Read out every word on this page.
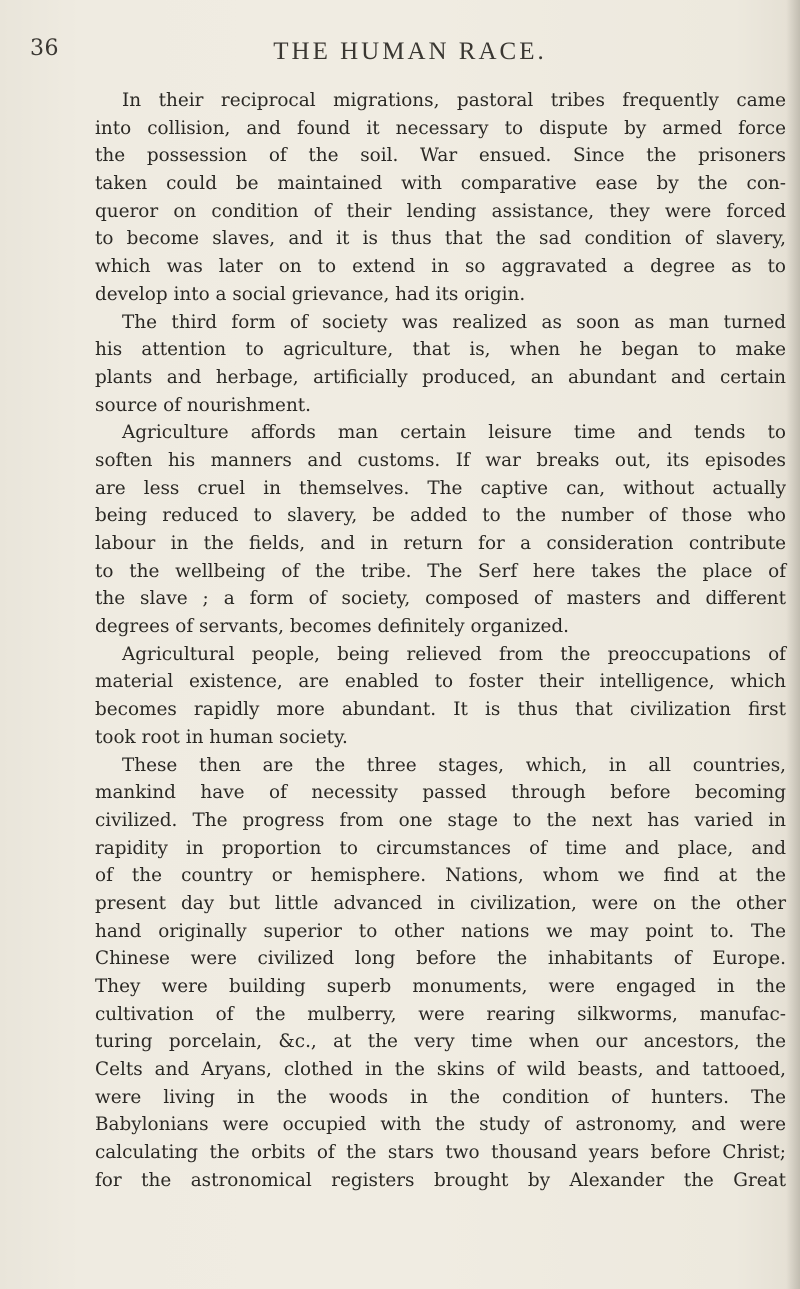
36	THE HUMAN RACE.
In their reciprocal migrations, pastoral tribes frequently came
into collision, and found it necessary to dispute by armed force
the possession of the soil. War ensued. Since the prisoners
taken could be maintained with comparative ease by the con-
queror on condition of their lending assistance, they were forced
to become slaves, and it is thus that the sad condition of slavery,
which was later on to extend in so aggravated a degree as to
develop into a social grievance, had its origin.
The third form of society was realized as soon as man turned
his attention to agriculture, that is, when he began to make
plants and herbage, artificially produced, an abundant and certain
source of nourishment.
Agriculture affords man certain leisure time and tends to
soften his manners and customs. If war breaks out, its episodes
are less cruel in themselves. The captive can, without actually
being reduced to slavery, be added to the number of those who
labour in the fields, and in return for a consideration contribute
to the wellbeing of the tribe. The Serf here takes the place of
the slave ; a form of society, composed of masters and different
degrees of servants, becomes definitely organized.
Agricultural people, being relieved from the preoccupations of
material existence, are enabled to foster their intelligence, which
becomes rapidly more abundant. It is thus that civilization first
took root in human society.
These then are the three stages, which, in all countries,
mankind have of necessity passed through before becoming
civilized. The progress from one stage to the next has varied in
rapidity in proportion to circumstances of time and place, and
of the country or hemisphere. Nations, whom we find at the
present day but little advanced in civilization, were on the other
hand originally superior to other nations we may point to. The
Chinese were civilized long before the inhabitants of Europe.
They were building superb monuments, were engaged in the
cultivation of the mulberry, were rearing silkworms, manufac-
turing porcelain, &c., at the very time when our ancestors, the
Celts and Aryans, clothed in the skins of wild beasts, and tattooed,
were living in the woods in the condition of hunters. The
Babylonians were occupied with the study of astronomy, and were
calculating the orbits of the stars two thousand years before Christ;
for the astronomical registers brought by Alexander the Great
